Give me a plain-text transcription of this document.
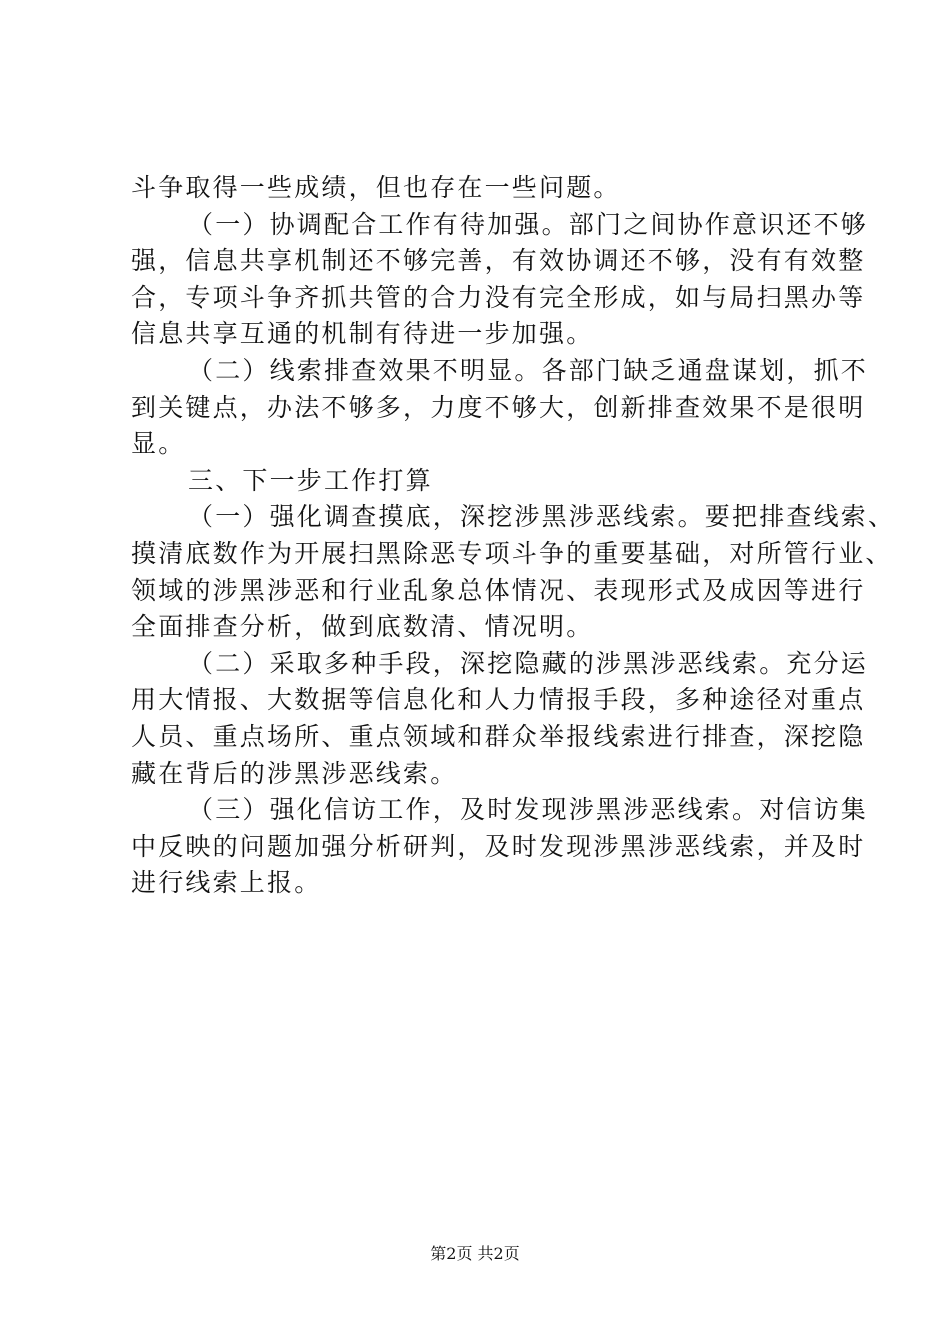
斗争取得一些成绩，但也存在一些问题。

（一）协调配合工作有待加强。部门之间协作意识还不够
强，信息共享机制还不够完善，有效协调还不够，没有有效整
合，专项斗争齐抓共管的合力没有完全形成，如与局扫黑办等
信息共享互通的机制有待进一步加强。

（二）线索排查效果不明显。各部门缺乏通盘谋划，抓不
到关键点，办法不够多，力度不够大，创新排查效果不是很明
显。

三、下一步工作打算

（一）强化调查摸底，深挖涉黑涉恶线索。要把排查线索、
摸清底数作为开展扫黑除恶专项斗争的重要基础，对所管行业、
领域的涉黑涉恶和行业乱象总体情况、表现形式及成因等进行
全面排查分析，做到底数清、情况明。

（二）采取多种手段，深挖隐藏的涉黑涉恶线索。充分运
用大情报、大数据等信息化和人力情报手段，多种途径对重点
人员、重点场所、重点领域和群众举报线索进行排查，深挖隐
藏在背后的涉黑涉恶线索。

（三）强化信访工作，及时发现涉黑涉恶线索。对信访集
中反映的问题加强分析研判，及时发现涉黑涉恶线索，并及时
进行线索上报。

第2页 共2页
